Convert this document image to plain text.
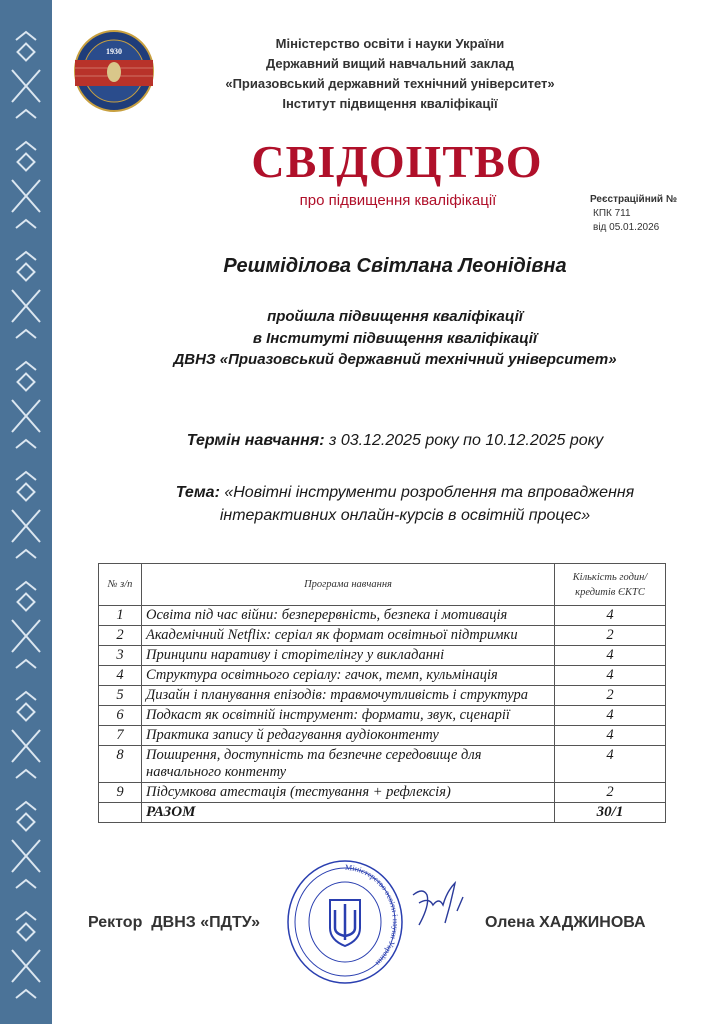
1930
Міністерство освіти і науки України
Державний вищий навчальний заклад
«Приазовський державний технічний університет»
Інститут підвищення кваліфікації
СВІДОЦТВО
про підвищення кваліфікації	Реєстраційний №
КПК 711
від 05.01.2026
Решміділова Світлана Леонідівна
пройшла підвищення кваліфікації
в Інституті підвищення кваліфікації
ДВНЗ «Приазовський державний технічний університет»
Термін навчання: з 03.12.2025 року по 10.12.2025 року
Тема: «Новітні інструменти розроблення та впровадження
інтерактивних онлайн-курсів в освітній процес»
№ з/п	Програма навчання	Кількість годин/ кредитів ЄКТС
1	Освіта під час війни: безперервність, безпека і мотивація	4
2	Академічний Netflix: серіал як формат освітньої підтримки	2
3	Принципи наративу і сторітелінгу у викладанні	4
4	Структура освітнього серіалу: гачок, темп, кульмінація	4
5	Дизайн і планування епізодів: травмочутливість і структура	2
6	Подкаст як освітній інструмент: формати, звук, сценарії	4
7	Практика запису й редагування аудіоконтенту	4
8	Поширення, доступність та безпечне середовище для навчального контенту	4
9	Підсумкова атестація (тестування + рефлексія)	2
	РАЗОМ	30/1
Міністерство освіти і науки України
Ректор  ДВНЗ «ПДТУ»	Олена ХАДЖИНОВА
